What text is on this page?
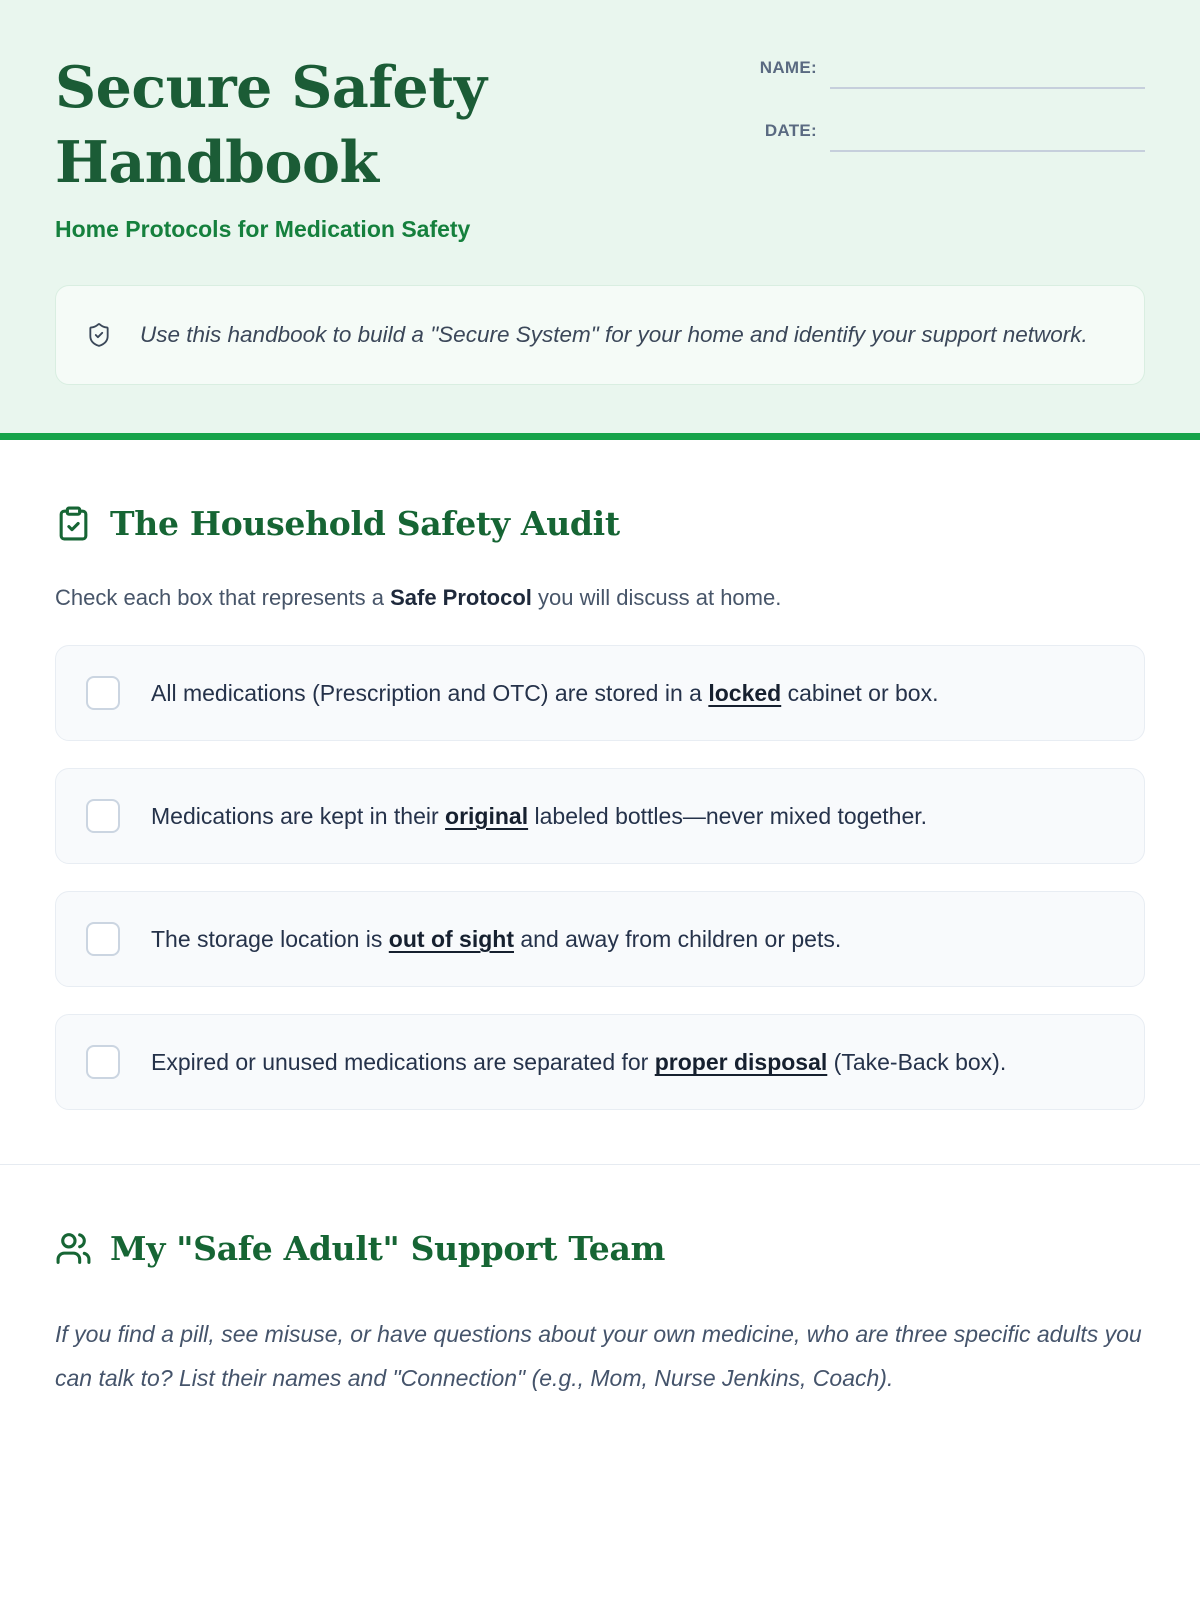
Secure Safety Handbook
Home Protocols for Medication Safety
NAME:
DATE:
Use this handbook to build a "Secure System" for your home and identify your support network.
The Household Safety Audit

Check each box that represents a Safe Protocol you will discuss at home.

All medications (Prescription and OTC) are stored in a locked cabinet or box.
Medications are kept in their original labeled bottles—never mixed together.
The storage location is out of sight and away from children or pets.
Expired or unused medications are separated for proper disposal (Take-Back box).
My "Safe Adult" Support Team

If you find a pill, see misuse, or have questions about your own medicine, who are three specific adults you can talk to? List their names and "Connection" (e.g., Mom, Nurse Jenkins, Coach).
